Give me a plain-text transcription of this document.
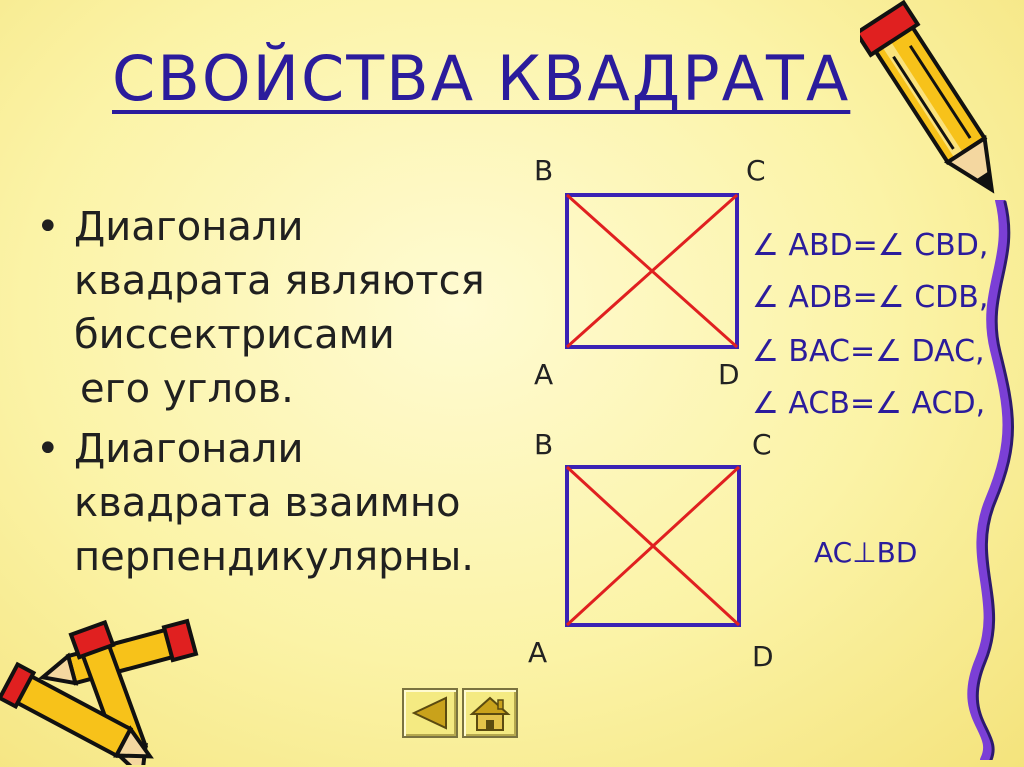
СВОЙСТВА КВАДРАТА
• Диагонали
квадрата являются
биссектрисами
его углов.
• Диагонали
квадрата взаимно
перпендикулярны.
B	C
A	D
∠ ABD=∠ CBD,
∠ ADB=∠ CDB,
∠ BAC=∠ DAC,
∠ ACB=∠ ACD,
B	C
A	D
AC⊥BD
